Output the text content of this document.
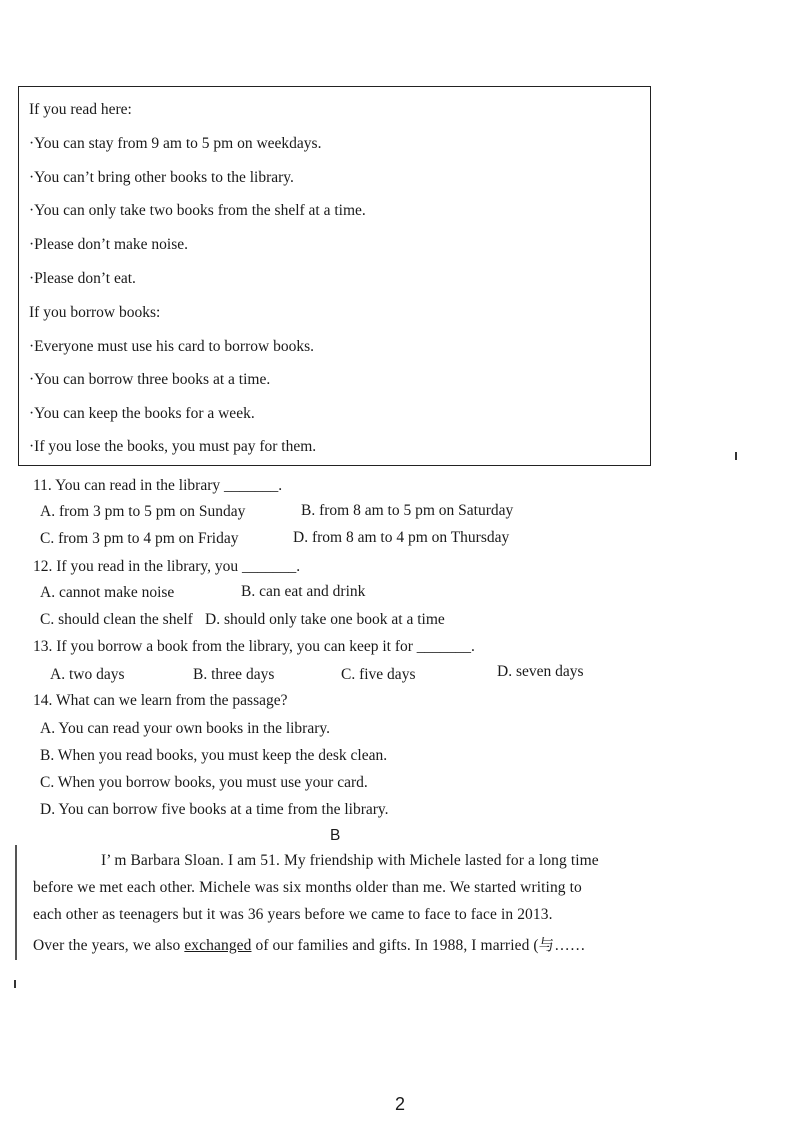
If you read here:
·You can stay from 9 am to 5 pm on weekdays.
·You can’t bring other books to the library.
·You can only take two books from the shelf at a time.
·Please don’t make noise.
·Please don’t eat.
If you borrow books:
·Everyone must use his card to borrow books.
·You can borrow three books at a time.
·You can keep the books for a week.
·If you lose the books, you must pay for them.
11. You can read in the library _______.
A. from 3 pm to 5 pm on Sunday	B. from 8 am to 5 pm on Saturday
C. from 3 pm to 4 pm on Friday	D. from 8 am to 4 pm on Thursday
12. If you read in the library, you _______.
A. cannot make noise	B. can eat and drink
C. should clean the shelf D. should only take one book at a time
13. If you borrow a book from the library, you can keep it for _______.
A. two days	B. three days	C. five days	D. seven days
14. What can we learn from the passage?
A. You can read your own books in the library.
B. When you read books, you must keep the desk clean.
C. When you borrow books, you must use your card.
D. You can borrow five books at a time from the library.
B
I’ m Barbara Sloan. I am 51. My friendship with Michele lasted for a long time
before we met each other. Michele was six months older than me. We started writing to
each other as teenagers but it was 36 years before we came to face to face in 2013.
Over the years, we also exchanged of our families and gifts. In 1988, I married (与……
2
